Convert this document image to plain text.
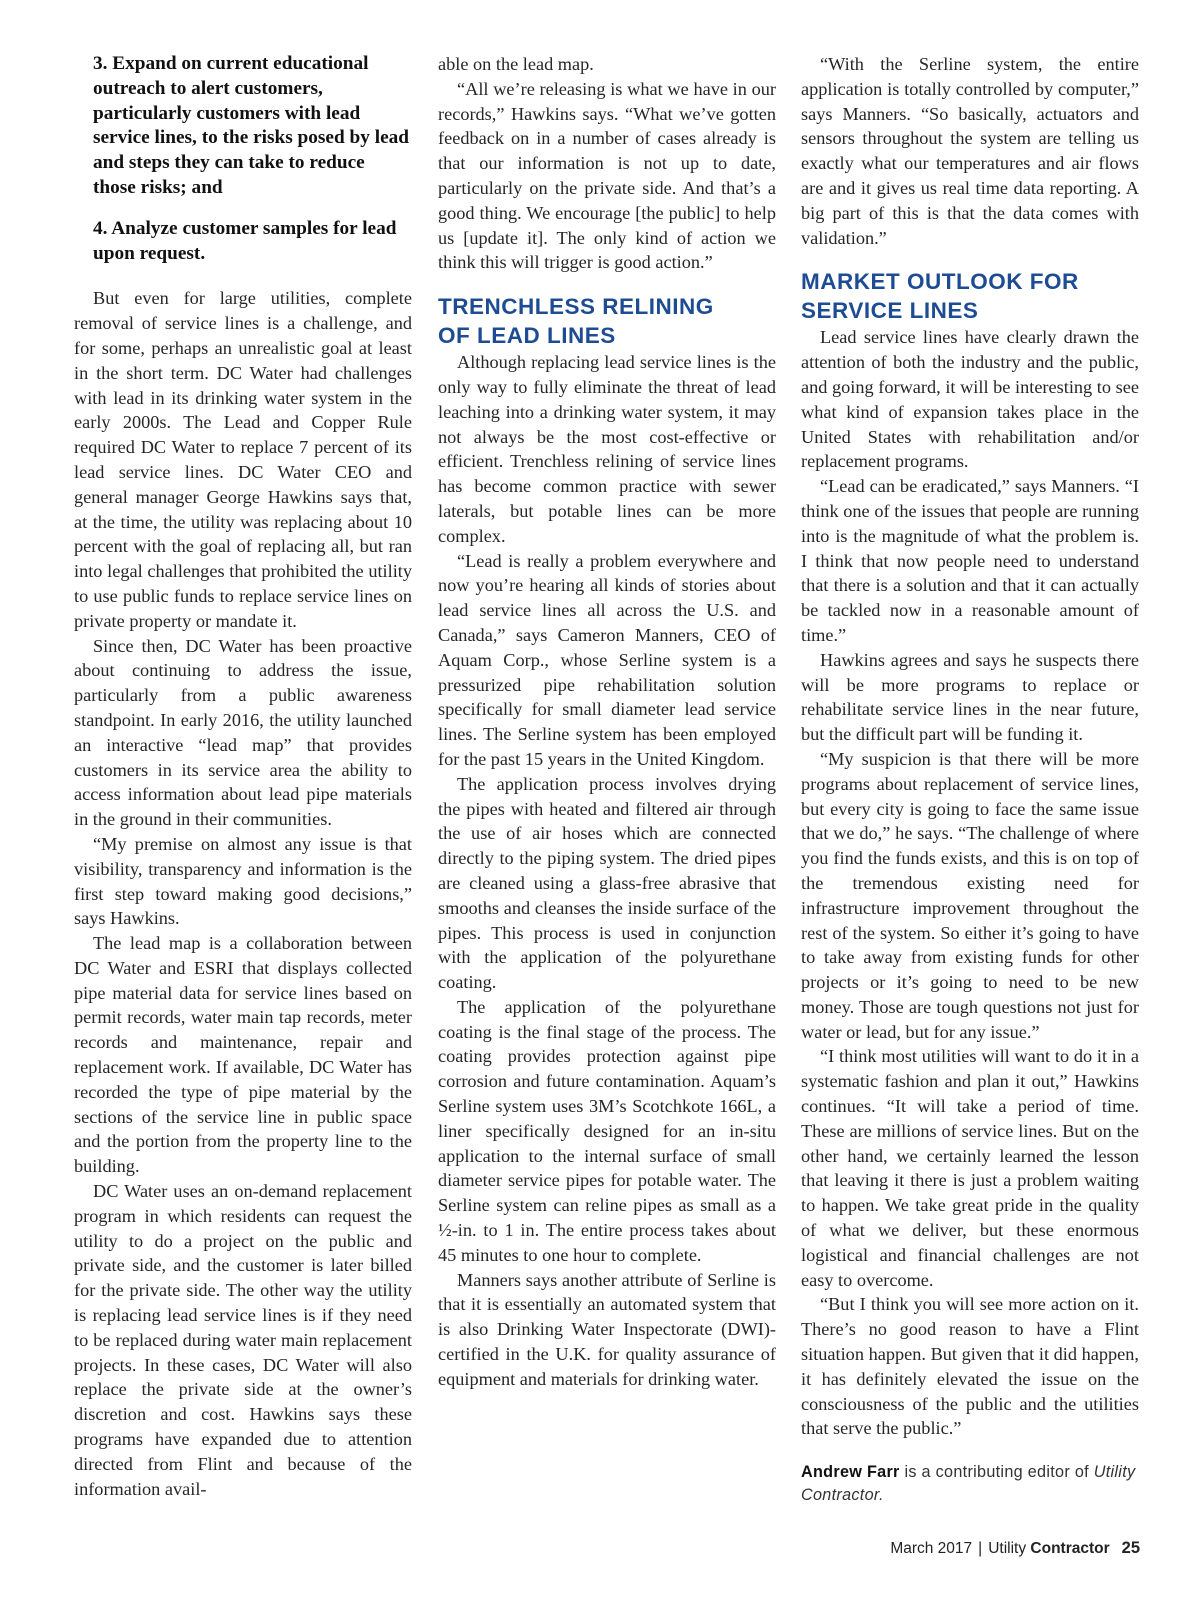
3. Expand on current educational outreach to alert customers, particularly customers with lead service lines, to the risks posed by lead and steps they can take to reduce those risks; and

4. Analyze customer samples for lead upon request.

But even for large utilities, complete removal of service lines is a challenge, and for some, perhaps an unrealistic goal at least in the short term. DC Water had challenges with lead in its drinking water system in the early 2000s. The Lead and Copper Rule required DC Water to replace 7 percent of its lead service lines. DC Water CEO and general manager George Hawkins says that, at the time, the utility was replacing about 10 percent with the goal of replacing all, but ran into legal challenges that prohibited the utility to use public funds to replace service lines on private property or mandate it.

Since then, DC Water has been proactive about continuing to address the issue, particularly from a public awareness standpoint. In early 2016, the utility launched an interactive “lead map” that provides customers in its service area the ability to access information about lead pipe materials in the ground in their communities.

“My premise on almost any issue is that visibility, transparency and information is the first step toward making good decisions,” says Hawkins.

The lead map is a collaboration between DC Water and ESRI that displays collected pipe material data for service lines based on permit records, water main tap records, meter records and maintenance, repair and replacement work. If available, DC Water has recorded the type of pipe material by the sections of the service line in public space and the portion from the property line to the building.

DC Water uses an on-demand replacement program in which residents can request the utility to do a project on the public and private side, and the customer is later billed for the private side. The other way the utility is replacing lead service lines is if they need to be replaced during water main replacement projects. In these cases, DC Water will also replace the private side at the owner’s discretion and cost. Hawkins says these programs have expanded due to attention directed from Flint and because of the information avail-

able on the lead map.

“All we’re releasing is what we have in our records,” Hawkins says. “What we’ve gotten feedback on in a number of cases already is that our information is not up to date, particularly on the private side. And that’s a good thing. We encourage [the public] to help us [update it]. The only kind of action we think this will trigger is good action.”

TRENCHLESS RELINING
OF LEAD LINES

Although replacing lead service lines is the only way to fully eliminate the threat of lead leaching into a drinking water system, it may not always be the most cost-effective or efficient. Trenchless relining of service lines has become common practice with sewer laterals, but potable lines can be more complex.

“Lead is really a problem everywhere and now you’re hearing all kinds of stories about lead service lines all across the U.S. and Canada,” says Cameron Manners, CEO of Aquam Corp., whose Serline system is a pressurized pipe rehabilitation solution specifically for small diameter lead service lines. The Serline system has been employed for the past 15 years in the United Kingdom.

The application process involves drying the pipes with heated and filtered air through the use of air hoses which are connected directly to the piping system. The dried pipes are cleaned using a glass-free abrasive that smooths and cleanses the inside surface of the pipes. This process is used in conjunction with the application of the polyurethane coating.

The application of the polyurethane coating is the final stage of the process. The coating provides protection against pipe corrosion and future contamination. Aquam’s Serline system uses 3M’s Scotchkote 166L, a liner specifically designed for an in-situ application to the internal surface of small diameter service pipes for potable water. The Serline system can reline pipes as small as a ½-in. to 1 in. The entire process takes about 45 minutes to one hour to complete.

Manners says another attribute of Serline is that it is essentially an automated system that is also Drinking Water Inspectorate (DWI)-certified in the U.K. for quality assurance of equipment and materials for drinking water.

“With the Serline system, the entire application is totally controlled by computer,” says Manners. “So basically, actuators and sensors throughout the system are telling us exactly what our temperatures and air flows are and it gives us real time data reporting. A big part of this is that the data comes with validation.”

MARKET OUTLOOK FOR
SERVICE LINES

Lead service lines have clearly drawn the attention of both the industry and the public, and going forward, it will be interesting to see what kind of expansion takes place in the United States with rehabilitation and/or replacement programs.

“Lead can be eradicated,” says Manners. “I think one of the issues that people are running into is the magnitude of what the problem is. I think that now people need to understand that there is a solution and that it can actually be tackled now in a reasonable amount of time.”

Hawkins agrees and says he suspects there will be more programs to replace or rehabilitate service lines in the near future, but the difficult part will be funding it.

“My suspicion is that there will be more programs about replacement of service lines, but every city is going to face the same issue that we do,” he says. “The challenge of where you find the funds exists, and this is on top of the tremendous existing need for infrastructure improvement throughout the rest of the system. So either it’s going to have to take away from existing funds for other projects or it’s going to need to be new money. Those are tough questions not just for water or lead, but for any issue.”

“I think most utilities will want to do it in a systematic fashion and plan it out,” Hawkins continues. “It will take a period of time. These are millions of service lines. But on the other hand, we certainly learned the lesson that leaving it there is just a problem waiting to happen. We take great pride in the quality of what we deliver, but these enormous logistical and financial challenges are not easy to overcome.

“But I think you will see more action on it. There’s no good reason to have a Flint situation happen. But given that it did happen, it has definitely elevated the issue on the consciousness of the public and the utilities that serve the public.”

Andrew Farr is a contributing editor of Utility Contractor.
March 2017 | Utility Contractor 25
